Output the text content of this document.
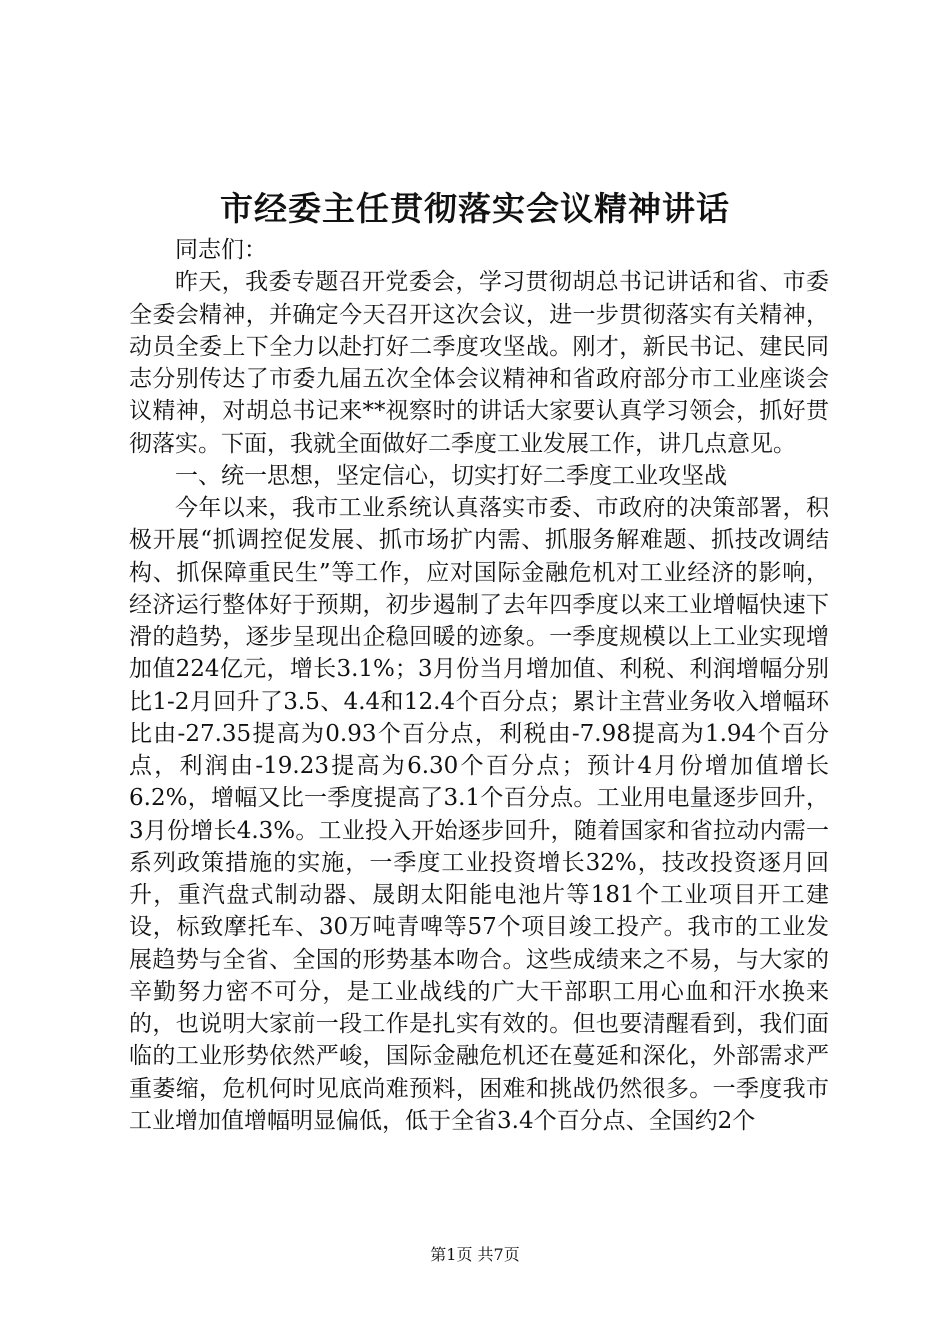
市经委主任贯彻落实会议精神讲话

同志们：

昨天，我委专题召开党委会，学习贯彻胡总书记讲话和省、市委全委会精神，并确定今天召开这次会议，进一步贯彻落实有关精神，动员全委上下全力以赴打好二季度攻坚战。刚才，新民书记、建民同志分别传达了市委九届五次全体会议精神和省政府部分市工业座谈会议精神，对胡总书记来**视察时的讲话大家要认真学习领会，抓好贯彻落实。下面，我就全面做好二季度工业发展工作，讲几点意见。

一、统一思想，坚定信心，切实打好二季度工业攻坚战

今年以来，我市工业系统认真落实市委、市政府的决策部署，积极开展“抓调控促发展、抓市场扩内需、抓服务解难题、抓技改调结构、抓保障重民生”等工作，应对国际金融危机对工业经济的影响，经济运行整体好于预期，初步遏制了去年四季度以来工业增幅快速下滑的趋势，逐步呈现出企稳回暖的迹象。一季度规模以上工业实现增加值224亿元，增长3.1%；3月份当月增加值、利税、利润增幅分别比1-2月回升了3.5、4.4和12.4个百分点；累计主营业务收入增幅环比由-27.35提高为0.93个百分点，利税由-7.98提高为1.94个百分点，利润由-19.23提高为6.30个百分点；预计4月份增加值增长6.2%，增幅又比一季度提高了3.1个百分点。工业用电量逐步回升，3月份增长4.3%。工业投入开始逐步回升，随着国家和省拉动内需一系列政策措施的实施，一季度工业投资增长32%，技改投资逐月回升，重汽盘式制动器、晟朗太阳能电池片等181个工业项目开工建设，标致摩托车、30万吨青啤等57个项目竣工投产。我市的工业发展趋势与全省、全国的形势基本吻合。这些成绩来之不易，与大家的辛勤努力密不可分，是工业战线的广大干部职工用心血和汗水换来的，也说明大家前一段工作是扎实有效的。但也要清醒看到，我们面临的工业形势依然严峻，国际金融危机还在蔓延和深化，外部需求严重萎缩，危机何时见底尚难预料，困难和挑战仍然很多。一季度我市工业增加值增幅明显偏低，低于全省3.4个百分点、全国约2个

第1页 共7页
